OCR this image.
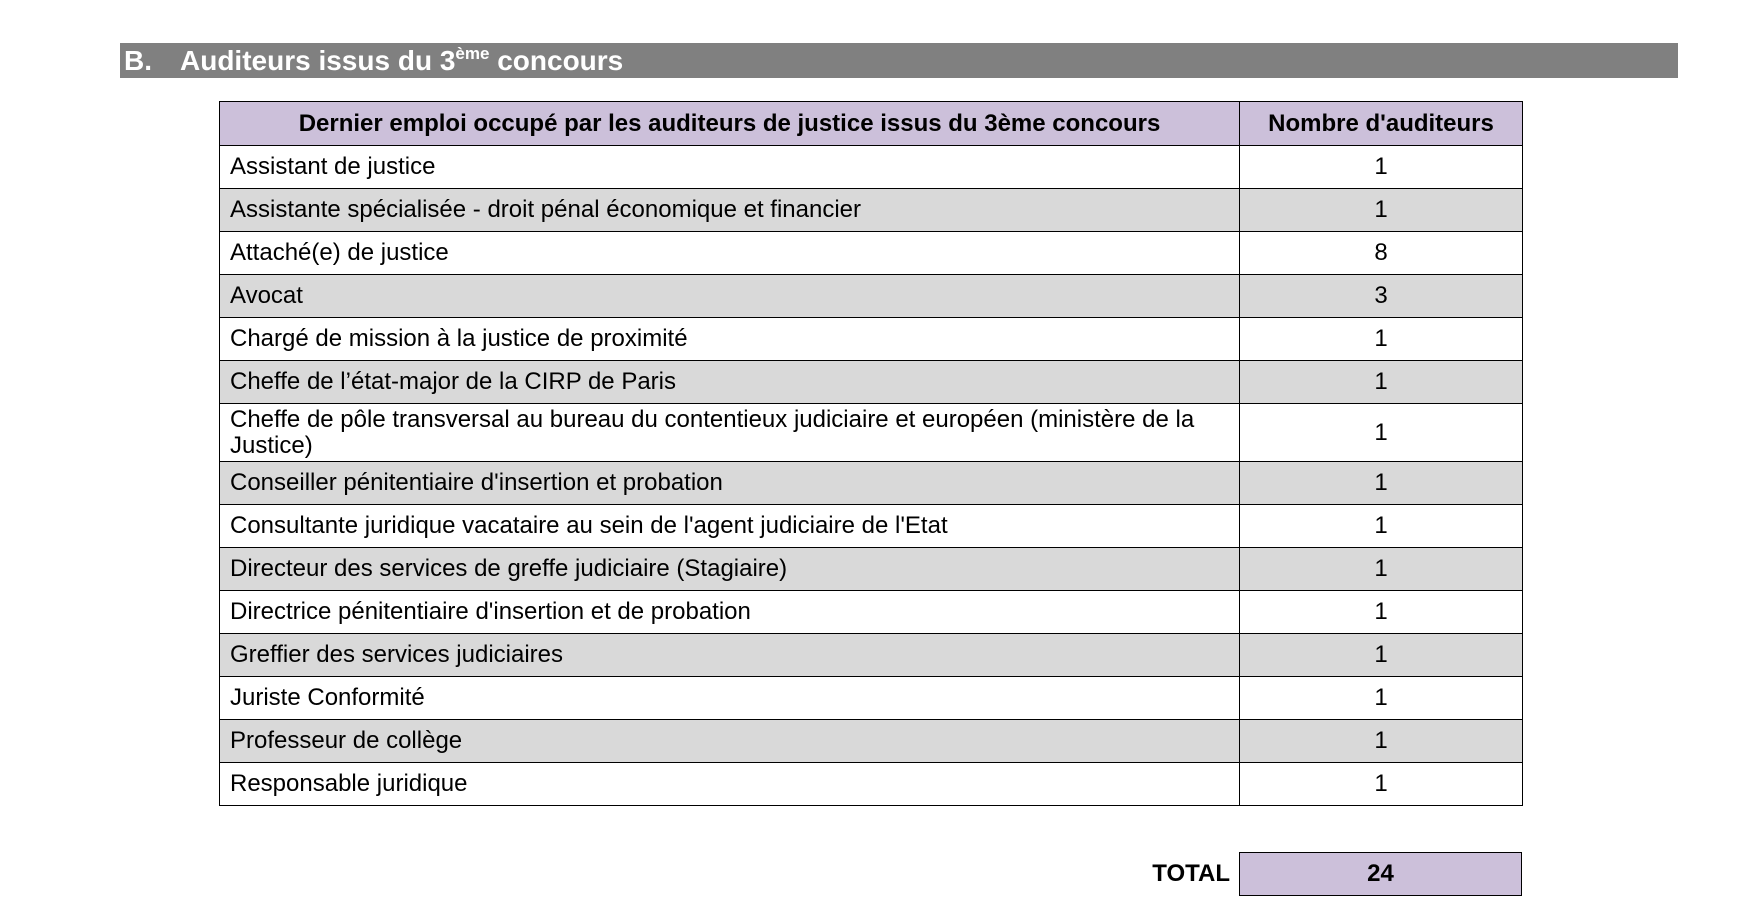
B. Auditeurs issus du 3ème concours
Dernier emploi occupé par les auditeurs de justice issus du 3ème concours	Nombre d'auditeurs
Assistant de justice	1
Assistante spécialisée - droit pénal économique et financier	1
Attaché(e) de justice	8
Avocat	3
Chargé de mission à la justice de proximité	1
Cheffe de l’état-major de la CIRP de Paris	1
Cheffe de pôle transversal au bureau du contentieux judiciaire et européen (ministère de la Justice)	1
Conseiller pénitentiaire d'insertion et probation	1
Consultante juridique vacataire au sein de l'agent judiciaire de l'Etat	1
Directeur des services de greffe judiciaire (Stagiaire)	1
Directrice pénitentiaire d'insertion et de probation	1
Greffier des services judiciaires	1
Juriste Conformité	1
Professeur de collège	1
Responsable juridique	1
TOTAL	24
